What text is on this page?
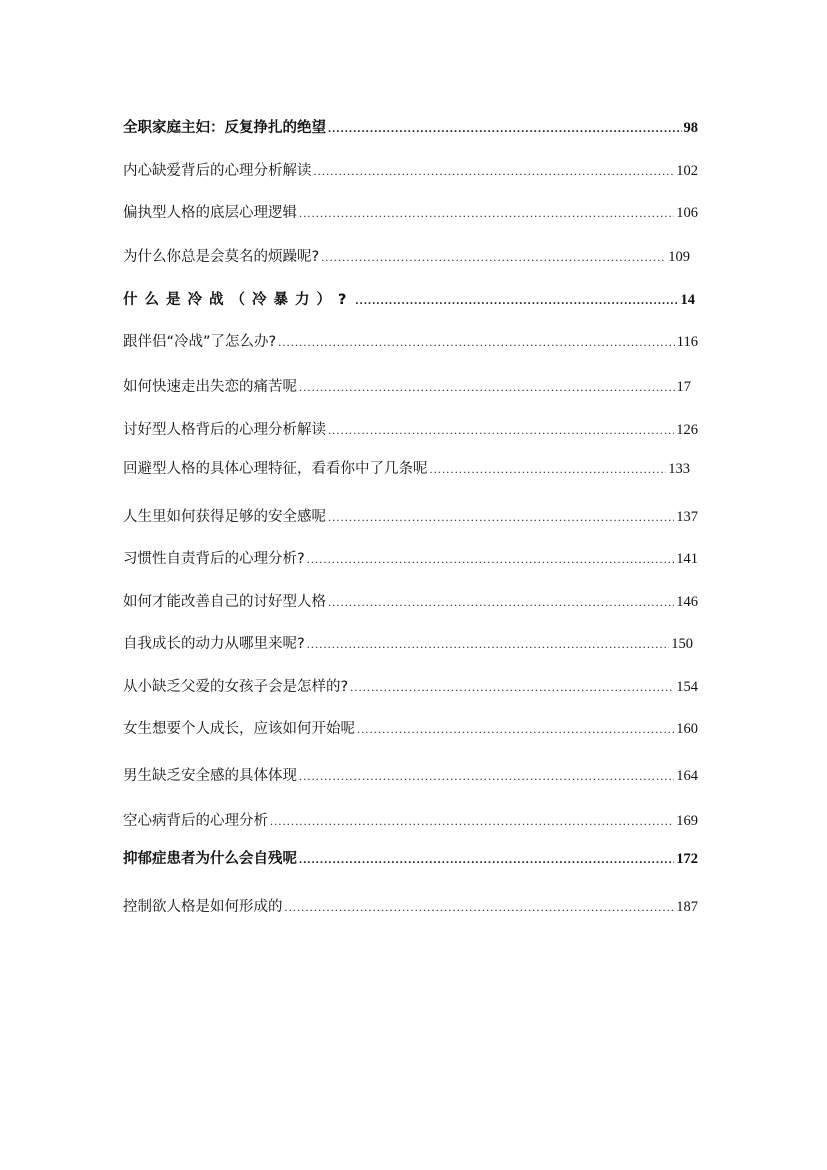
全职家庭主妇：反复挣扎的绝望 .....	98
内心缺爱背后的心理分析解读 .....	102
偏执型人格的底层心理逻辑 .....	106
为什么你总是会莫名的烦躁呢? .....	109
什么是冷战（冷暴力）? .....	14
跟伴侣“冷战”了怎么办? .....	116
如何快速走出失恋的痛苦呢 .....	17
讨好型人格背后的心理分析解读 .....	126
回避型人格的具体心理特征，看看你中了几条呢 .....	133
人生里如何获得足够的安全感呢 .....	137
习惯性自责背后的心理分析? .....	141
如何才能改善自己的讨好型人格 .....	146
自我成长的动力从哪里来呢? .....	150
从小缺乏父爱的女孩子会是怎样的? .....	154
女生想要个人成长，应该如何开始呢 .....	160
男生缺乏安全感的具体体现 .....	164
空心病背后的心理分析 .....	169
抑郁症患者为什么会自残呢 .....	172
控制欲人格是如何形成的 .....	187
